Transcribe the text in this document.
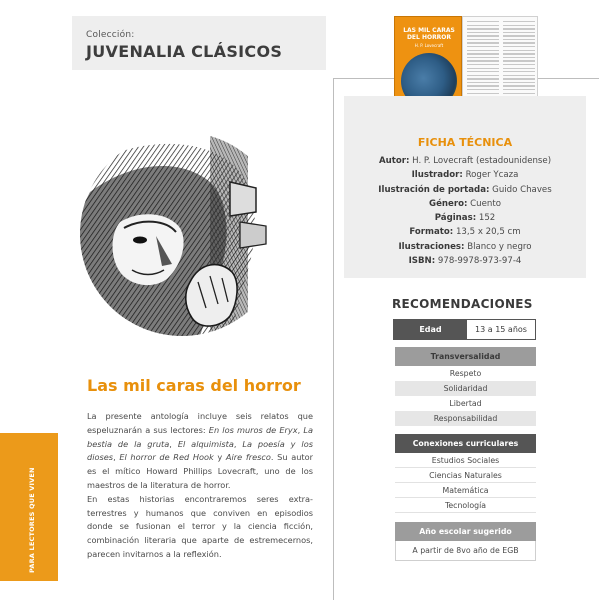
Colección:
JUVENALIA CLÁSICOS
Las mil caras del horror

La presente antología incluye seis relatos que espeluznarán a sus lectores: En los muros de Eryx, La bestia de la gruta, El alquimista, La poesía y los dioses, El horror de Red Hook y Aire fresco. Su autor es el mítico Howard Phillips Lovecraft, uno de los maestros de la literatura de horror.

En estas historias encontraremos seres extra-terrestres y humanos que conviven en episodios donde se fusionan el terror y la ciencia ficción, combinación literaria que aparte de estremecernos, parecen invitarnos a la reflexión.

PARA LECTORES QUE VIVEN
LAS MIL CARAS DEL HORROR
H. P. Lovecraft
FICHA TÉCNICA
Autor: H. P. Lovecraft (estadounidense)
Ilustrador: Roger Ycaza
Ilustración de portada: Guido Chaves
Género: Cuento
Páginas: 152
Formato: 13,5 x 20,5 cm
Ilustraciones: Blanco y negro
ISBN: 978-9978-973-97-4
RECOMENDACIONES
Edad	13 a 15 años
Transversalidad
Respeto
Solidaridad
Libertad
Responsabilidad
Conexiones curriculares
Estudios Sociales
Ciencias Naturales
Matemática
Tecnología
Año escolar sugerido
A partir de 8vo año de EGB
